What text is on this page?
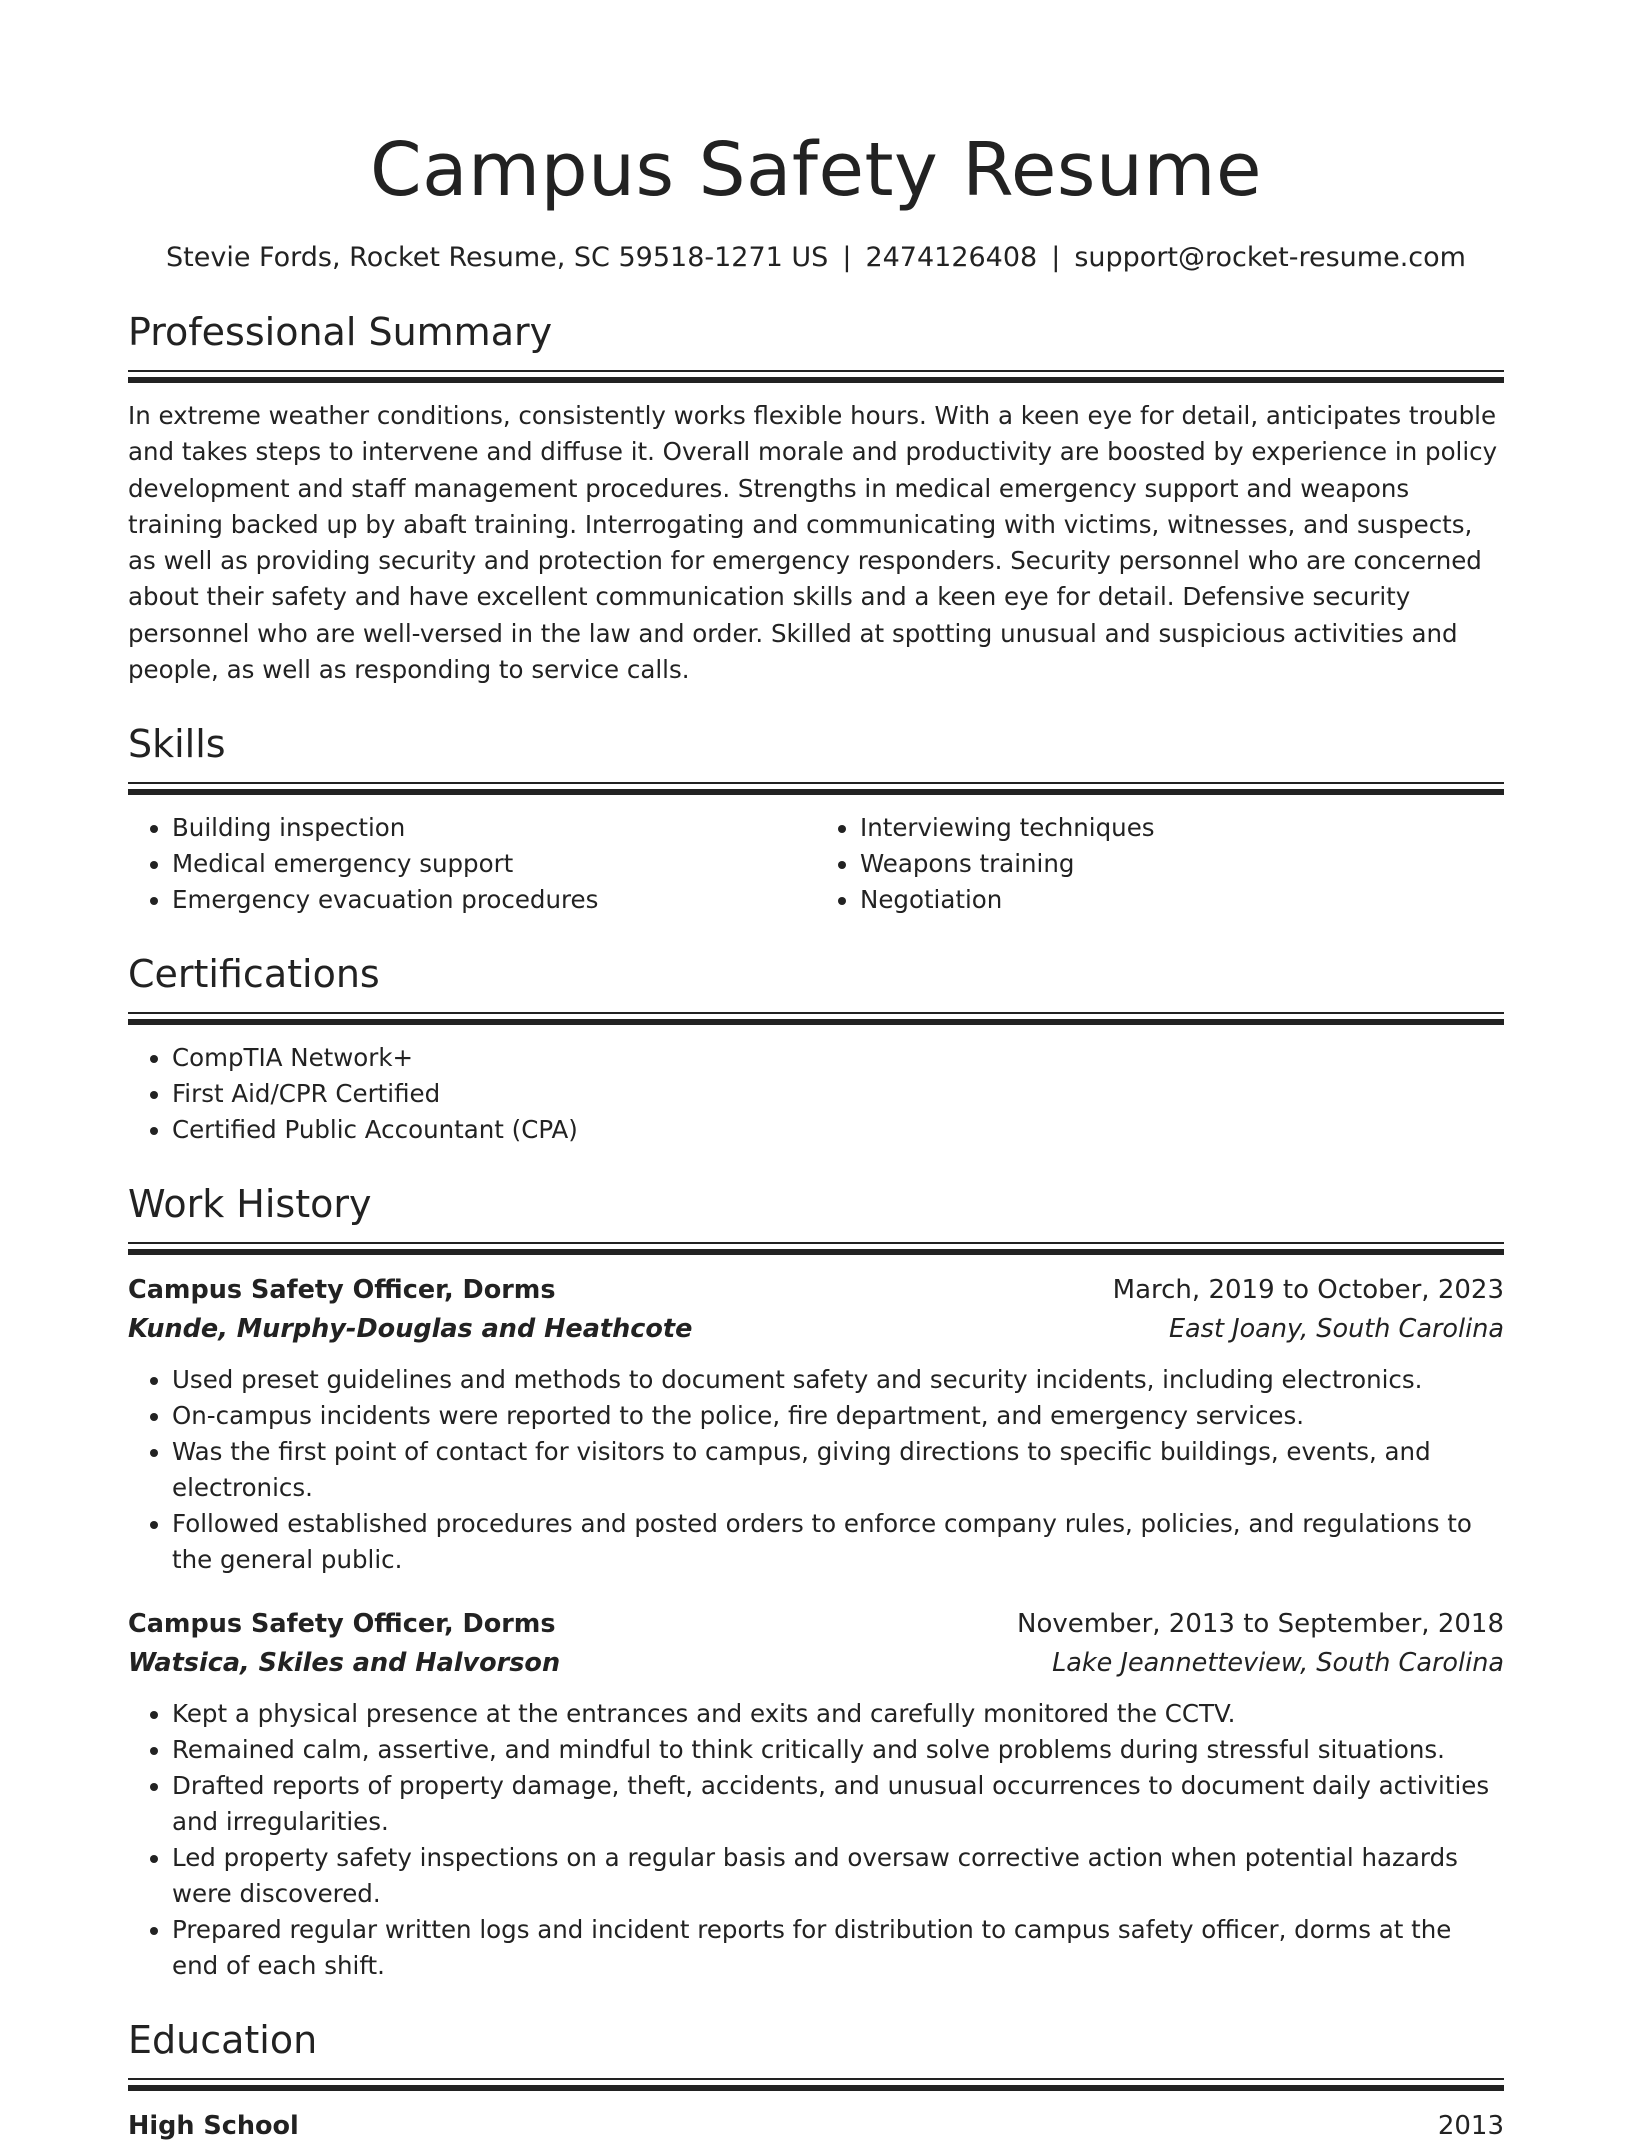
Campus Safety Resume
Stevie Fords, Rocket Resume, SC 59518-1271 US | 2474126408 | support@rocket-resume.com
Professional Summary
In extreme weather conditions, consistently works flexible hours. With a keen eye for detail, anticipates trouble and takes steps to intervene and diffuse it. Overall morale and productivity are boosted by experience in policy development and staff management procedures. Strengths in medical emergency support and weapons training backed up by abaft training. Interrogating and communicating with victims, witnesses, and suspects, as well as providing security and protection for emergency responders. Security personnel who are concerned about their safety and have excellent communication skills and a keen eye for detail. Defensive security personnel who are well-versed in the law and order. Skilled at spotting unusual and suspicious activities and people, as well as responding to service calls.
Skills
• Building inspection
• Medical emergency support
• Emergency evacuation procedures
• Interviewing techniques
• Weapons training
• Negotiation
Certifications
• CompTIA Network+
• First Aid/CPR Certified
• Certified Public Accountant (CPA)
Work History
Campus Safety Officer, Dorms	March, 2019 to October, 2023
Kunde, Murphy-Douglas and Heathcote	East Joany, South Carolina
• Used preset guidelines and methods to document safety and security incidents, including electronics.
• On-campus incidents were reported to the police, fire department, and emergency services.
• Was the first point of contact for visitors to campus, giving directions to specific buildings, events, and electronics.
• Followed established procedures and posted orders to enforce company rules, policies, and regulations to the general public.
Campus Safety Officer, Dorms	November, 2013 to September, 2018
Watsica, Skiles and Halvorson	Lake Jeannetteview, South Carolina
• Kept a physical presence at the entrances and exits and carefully monitored the CCTV.
• Remained calm, assertive, and mindful to think critically and solve problems during stressful situations.
• Drafted reports of property damage, theft, accidents, and unusual occurrences to document daily activities and irregularities.
• Led property safety inspections on a regular basis and oversaw corrective action when potential hazards were discovered.
• Prepared regular written logs and incident reports for distribution to campus safety officer, dorms at the end of each shift.
Education
High School	2013
